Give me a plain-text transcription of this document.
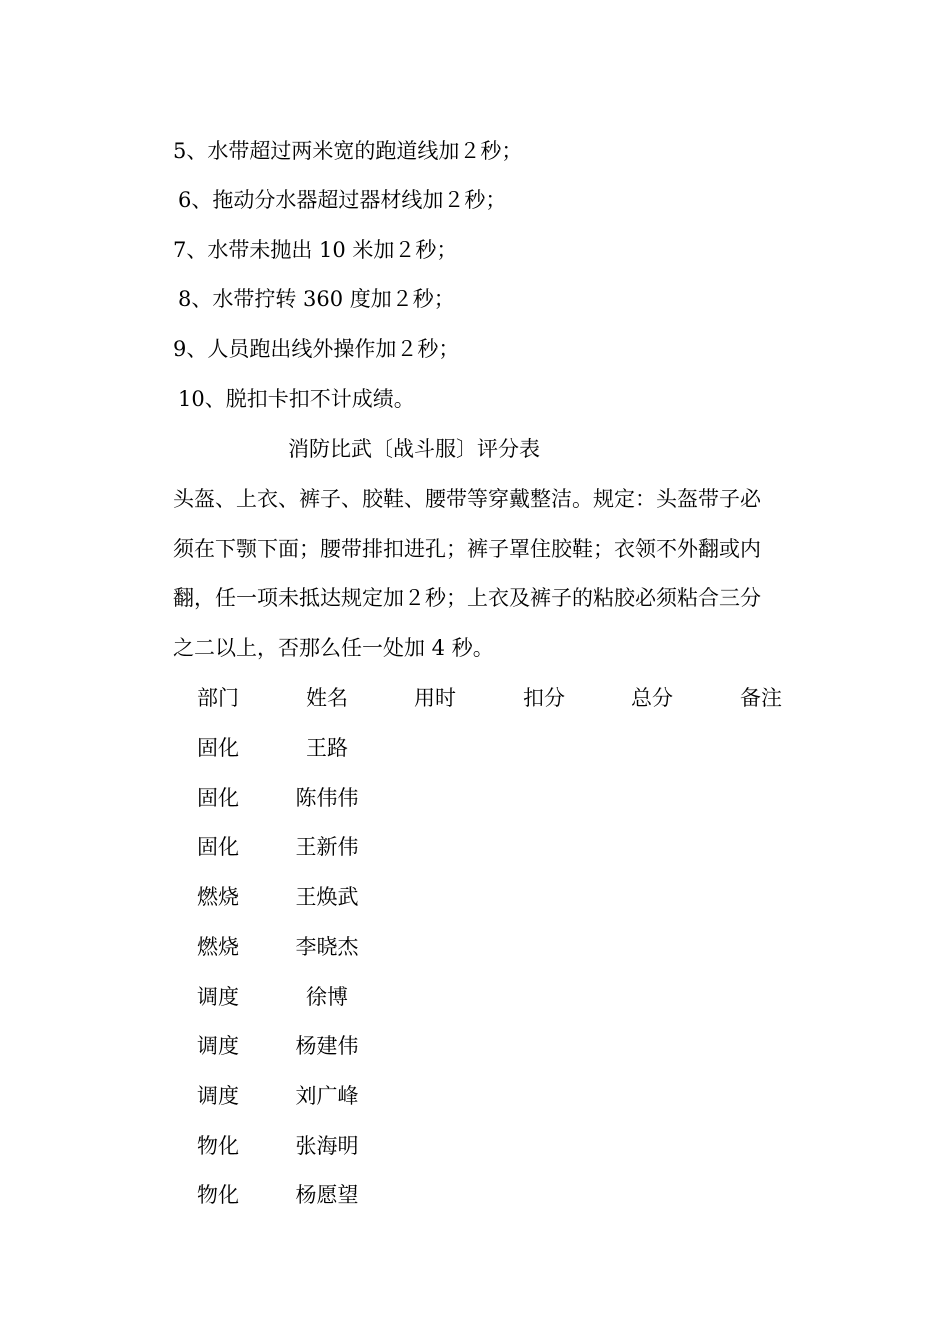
5、水带超过两米宽的跑道线加２秒；
6、拖动分水器超过器材线加２秒；
7、水带未抛出 10 米加２秒；
8、水带拧转 360 度加２秒；
9、人员跑出线外操作加２秒；
10、脱扣卡扣不计成绩。
消防比武〔战斗服〕评分表
头盔、上衣、裤子、胶鞋、腰带等穿戴整洁。规定：头盔带子必
须在下颚下面；腰带排扣进孔；裤子罩住胶鞋；衣领不外翻或内
翻，任一项未抵达规定加２秒；上衣及裤子的粘胶必须粘合三分
之二以上，否那么任一处加 4 秒。
部门	姓名	用时	扣分	总分	备注
固化	王路
固化	陈伟伟
固化	王新伟
燃烧	王焕武
燃烧	李晓杰
调度	徐博
调度	杨建伟
调度	刘广峰
物化	张海明
物化	杨愿望
